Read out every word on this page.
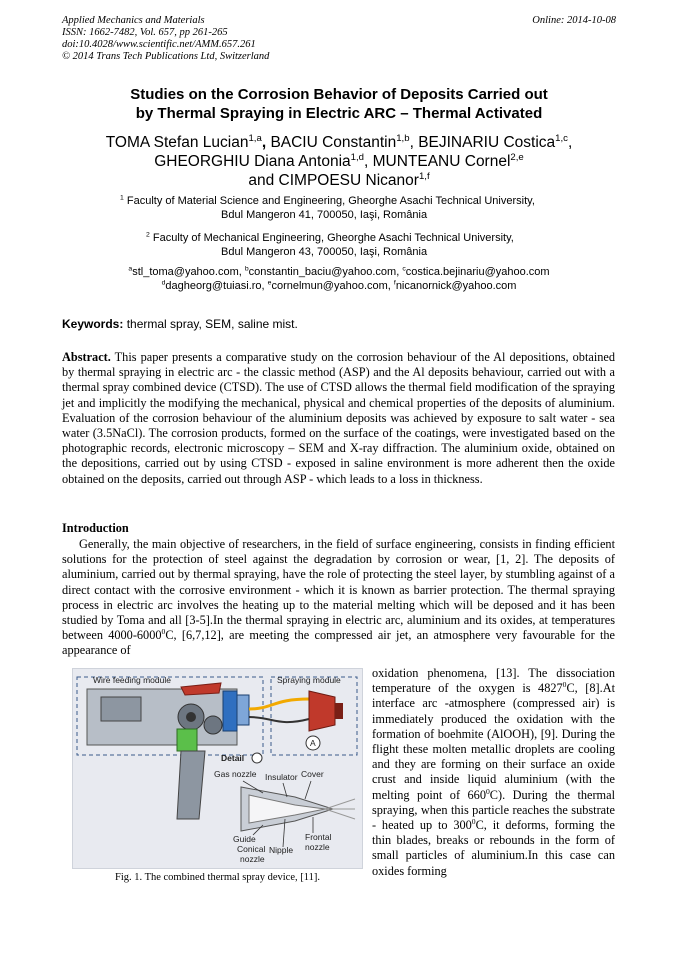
Applied Mechanics and Materials
ISSN: 1662-7482, Vol. 657, pp 261-265
doi:10.4028/www.scientific.net/AMM.657.261
© 2014 Trans Tech Publications Ltd, Switzerland
Online: 2014-10-08
Studies on the Corrosion Behavior of Deposits Carried out
by Thermal Spraying in Electric ARC – Thermal Activated
TOMA Stefan Lucian$^{1,a}$, BACIU Constantin$^{1,b}$, BEJINARIU Costica$^{1,c}$,
GHEORGHIU Diana Antonia$^{1,d}$, MUNTEANU Cornel$^{2,e}$
and CIMPOESU Nicanor$^{1,f}$
$^1$ Faculty of Material Science and Engineering, Gheorghe Asachi Technical University,
Bdul Mangeron 41, 700050, Iaşi, România
$^2$ Faculty of Mechanical Engineering, Gheorghe Asachi Technical University,
Bdul Mangeron 43, 700050, Iaşi, România
$^a$stl_toma@yahoo.com, $^b$constantin_baciu@yahoo.com, $^c$costica.bejinariu@yahoo.com
$^d$dagheorg@tuiasi.ro, $^e$cornelmun@yahoo.com, $^f$nicanornick@yahoo.com
Keywords: thermal spray, SEM, saline mist.

Abstract. This paper presents a comparative study on the corrosion behaviour of the Al depositions, obtained by thermal spraying in electric arc - the classic method (ASP) and the Al deposits behaviour, carried out with a thermal spray combined device (CTSD). The use of CTSD allows the thermal field modification of the spraying jet and implicitly the modifying the mechanical, physical and chemical properties of the deposits of aluminium. Evaluation of the corrosion behaviour of the aluminium deposits was achieved by exposure to salt water - sea water (3.5NaCl). The corrosion products, formed on the surface of the coatings, were investigated based on the photographic records, electronic microscopy – SEM and X-ray diffraction. The aluminium oxide, obtained on the depositions, carried out by using CTSD - exposed in saline environment is more adherent then the oxide obtained on the deposits, carried out through ASP - which leads to a loss in thickness.

Introduction

Generally, the main objective of researchers, in the field of surface engineering, consists in finding efficient solutions for the protection of steel against the degradation by corrosion or wear, [1, 2]. The deposits of aluminium, carried out by thermal spraying, have the role of protecting the steel layer, by stumbling against of a direct contact with the corrosive environment - which it is known as barrier protection. The thermal spraying process in electric arc involves the heating up to the material melting which will be deposed and it has been studied by Toma and all [3-5].In the thermal spraying in electric arc, aluminium and its oxides, at temperatures between 4000-6000$^0$C, [6,7,12], are meeting the compressed air jet, an atmosphere very favourable for the appearance of

oxidation phenomena, [13]. The dissociation temperature of the oxygen is 4827$^0$C, [8].At interface arc -atmosphere (compressed air) is immediately produced the oxidation with the formation of boehmite (AlOOH), [9]. During the flight these molten metallic droplets are cooling and they are forming on their surface an oxide crust and inside liquid aluminium (with the melting point of $660^0C$). During the thermal spraying, when this particle reaches the substrate - heated up to $300^0C$, it deforms, forming the thin blades, breaks or rebounds in the form of small particles of aluminium.In this case can oxides forming

A
Wire feeding module	Spraying module
Detail
Gas nozzle Insulator Cover
Guide
Conical
nozzle
Nipple
Frontal
nozzle
Fig. 1. The combined thermal spray device, [11].
